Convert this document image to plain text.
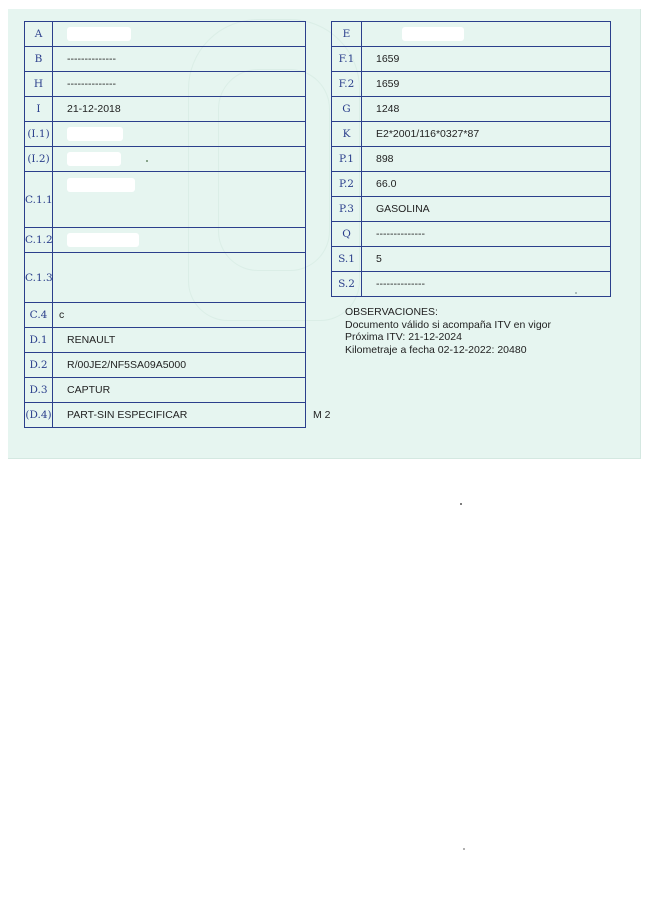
A	
B	--------------
H	--------------
I	21-12-2018
(I.1)	
(I.2)	
C.1.1	
C.1.2	
C.1.3	
C.4	c
D.1	RENAULT
D.2	R/00JE2/NF5SA09A5000
D.3	CAPTUR
(D.4)	PART-SIN ESPECIFICAR
E	
F.1	1659
F.2	1659
G	1248
K	E2*2001/116*0327*87
P.1	898
P.2	66.0
P.3	GASOLINA
Q	--------------
S.1	5
S.2	--------------
OBSERVACIONES:
Documento válido si acompaña ITV en vigor
Próxima ITV: 21-12-2024
Kilometraje a fecha 02-12-2022: 20480
M 2
